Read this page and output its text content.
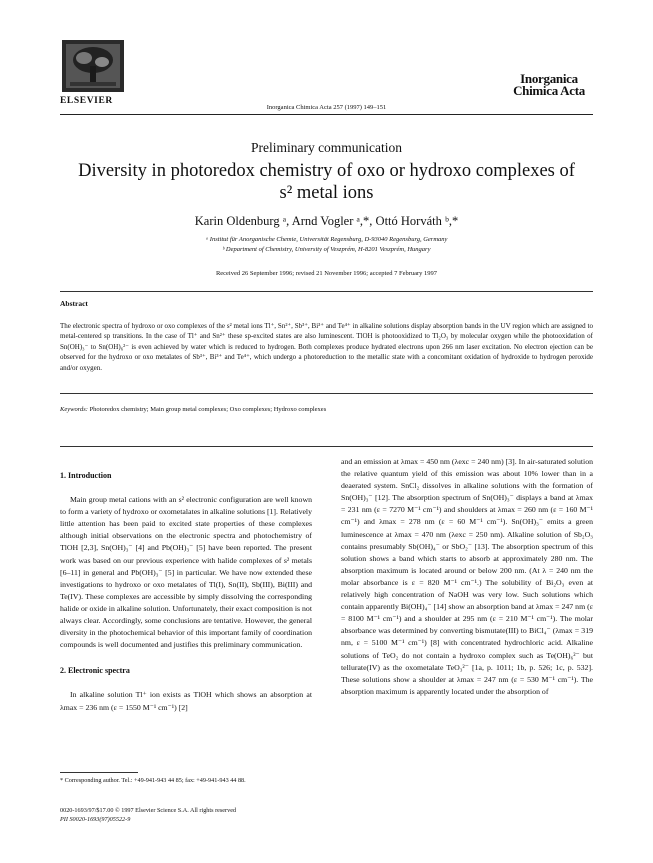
ELSEVIER
Inorganica Chimica Acta 257 (1997) 149–151
Inorganica
Chimica Acta
Preliminary communication
Diversity in photoredox chemistry of oxo or hydroxo complexes of
s² metal ions
Karin Oldenburg ᵃ, Arnd Vogler ᵃ,*, Ottó Horváth ᵇ,*
ᵃ Institut für Anorganische Chemie, Universität Regensburg, D-93040 Regensburg, Germany
ᵇ Department of Chemistry, University of Veszprém, H-8201 Veszprém, Hungary
Received 26 September 1996; revised 21 November 1996; accepted 7 February 1997
Abstract
The electronic spectra of hydroxo or oxo complexes of the s² metal ions Tl⁺, Sn²⁺, Sb³⁺, Bi³⁺ and Te⁴⁺ in alkaline solutions display absorption bands in the UV region which are assigned to metal-centered sp transitions. In the case of Tl⁺ and Sn²⁺ these sp-excited states are also luminescent. TlOH is photooxidized to Tl₂O₃ by molecular oxygen while the photooxidation of Sn(OH)₃⁻ to Sn(OH)₆²⁻ is even achieved by water which is reduced to hydrogen. Both complexes produce hydrated electrons upon 266 nm laser excitation. No electron ejection can be observed for the hydroxo or oxo metalates of Sb³⁺, Bi³⁺ and Te⁴⁺, which undergo a photoreduction to the metallic state with a concomitant oxidation of hydroxide to hydrogen peroxide and/or oxygen.
Keywords: Photoredox chemistry; Main group metal complexes; Oxo complexes; Hydroxo complexes
1. Introduction

Main group metal cations with an s² electronic configuration are well known to form a variety of hydroxo or oxometalates in alkaline solutions [1]. Relatively little attention has been paid to excited state properties of these complexes although initial observations on the electronic spectra and photochemistry of TlOH [2,3], Sn(OH)₃⁻ [4] and Pb(OH)₃⁻ [5] have been reported. The present work was based on our previous experience with halide complexes of s² metals [6–11] in general and Pb(OH)₃⁻ [5] in particular. We have now extended these investigations to hydroxo or oxo metalates of Tl(I), Sn(II), Sb(III), Bi(III) and Te(IV). These complexes are accessible by simply dissolving the corresponding halide or oxide in alkaline solution. Unfortunately, their exact composition is not always clear. Accordingly, some conclusions are tentative. However, the general diversity in the photochemical behavior of this important family of coordination compounds is well documented and justifies this preliminary communication.

2. Electronic spectra

In alkaline solution Tl⁺ ion exists as TlOH which shows an absorption at λmax = 236 nm (ε = 1550 M⁻¹ cm⁻¹) [2]

and an emission at λmax = 450 nm (λexc = 240 nm) [3]. In air-saturated solution the relative quantum yield of this emission was about 10% lower than in a deaerated system. SnCl₂ dissolves in alkaline solutions with the formation of Sn(OH)₃⁻ [12]. The absorption spectrum of Sn(OH)₃⁻ displays a band at λmax = 231 nm (ε = 7270 M⁻¹ cm⁻¹) and shoulders at λmax = 260 nm (ε = 160 M⁻¹ cm⁻¹) and λmax = 278 nm (ε = 60 M⁻¹ cm⁻¹). Sn(OH)₃⁻ emits a green luminescence at λmax = 470 nm (λexc = 250 nm). Alkaline solution of Sb₂O₃ contains presumably Sb(OH)₄⁻ or SbO₂⁻ [13]. The absorption spectrum of this solution shows a band which starts to absorb at approximately 280 nm. The absorption maximum is located around or below 200 nm. (At λ = 240 nm the molar absorbance is ε = 820 M⁻¹ cm⁻¹.) The solubility of Bi₂O₃ even at relatively high concentration of NaOH was very low. Such solutions which contain apparently Bi(OH)₄⁻ [14] show an absorption band at λmax = 247 nm (ε = 8100 M⁻¹ cm⁻¹) and a shoulder at 295 nm (ε = 210 M⁻¹ cm⁻¹). The molar absorbance was determined by converting bismutate(III) to BiCl₄⁻ (λmax = 319 nm, ε = 5100 M⁻¹ cm⁻¹) [8] with concentrated hydrochloric acid. Alkaline solutions of TeO₂ do not contain a hydroxo complex such as Te(OH)₆²⁻ but tellurate(IV) as the oxometalate TeO₃²⁻ [1a, p. 1011; 1b, p. 526; 1c, p. 532]. These solutions show a shoulder at λmax = 247 nm (ε = 530 M⁻¹ cm⁻¹). The absorption maximum is apparently located under the absorption of

* Corresponding author. Tel.: +49-941-943 44 85; fax: +49-941-943 44 88.
0020-1693/97/$17.00 © 1997 Elsevier Science S.A. All rights reserved
PII S0020-1693(97)05522-9
